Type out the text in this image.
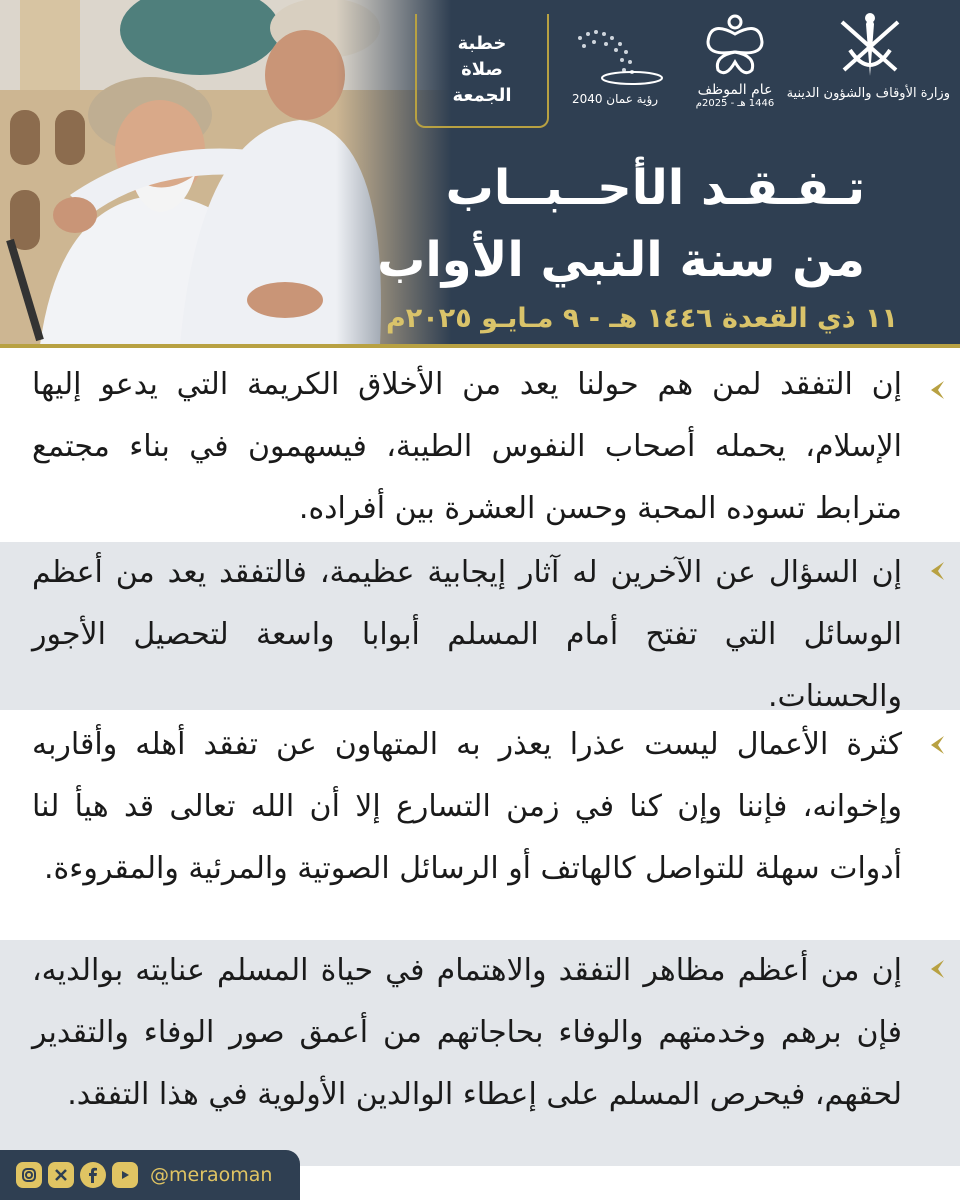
خطبة صلاة الجمعة	رؤية عمان 2040
عام الموظف
1446 هـ - 2025م
وزارة الأوقاف والشؤون الدينية
تـفـقـد الأحــبــاب
من سنة النبي الأواب
١١ ذي القعدة ١٤٤٦ هـ - ٩ مـايـو ٢٠٢٥م

إن التفقد لمن هم حولنا يعد من الأخلاق الكريمة التي يدعو إليها الإسلام، يحمله أصحاب النفوس الطيبة، فيسهمون في بناء مجتمع مترابط تسوده المحبة وحسن العشرة بين أفراده.

إن السؤال عن الآخرين له آثار إيجابية عظيمة، فالتفقد يعد من أعظم الوسائل التي تفتح أمام المسلم أبوابا واسعة لتحصيل الأجور والحسنات.

كثرة الأعمال ليست عذرا يعذر به المتهاون عن تفقد أهله وأقاربه وإخوانه، فإننا وإن كنا في زمن التسارع إلا أن الله تعالى قد هيأ لنا أدوات سهلة للتواصل كالهاتف أو الرسائل الصوتية والمرئية والمقروءة.

إن من أعظم مظاهر التفقد والاهتمام في حياة المسلم عنايته بوالديه، فإن برهم وخدمتهم والوفاء بحاجاتهم من أعمق صور الوفاء والتقدير لحقهم، فيحرص المسلم على إعطاء الوالدين الأولوية في هذا التفقد.

@meraoman
